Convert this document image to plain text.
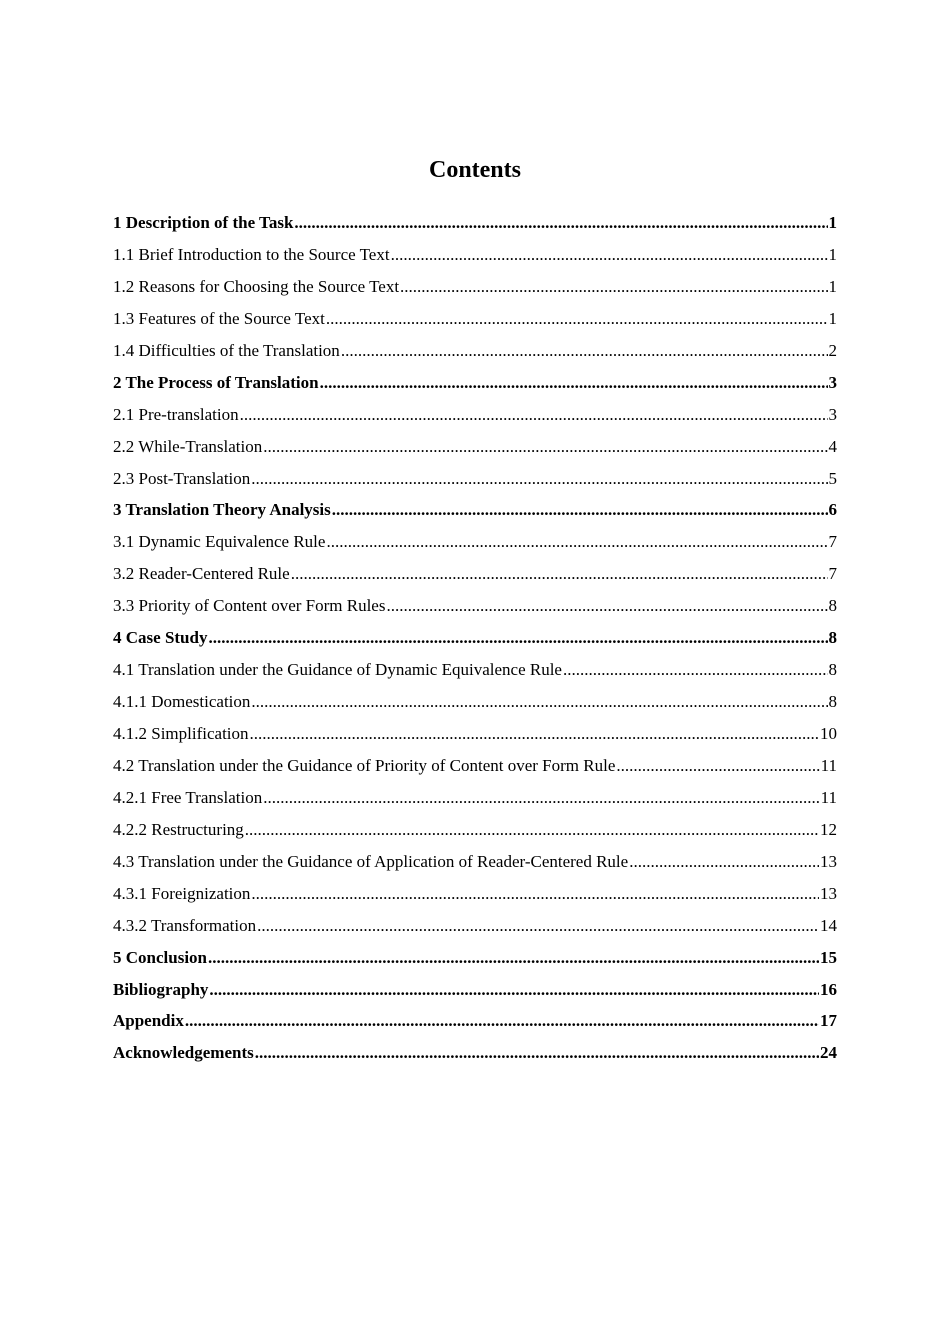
Contents
1 Description of the Task .....	1
1.1 Brief Introduction to the Source Text .....	1
1.2 Reasons for Choosing the Source Text .....	1
1.3 Features of the Source Text .....	1
1.4 Difficulties of the Translation .....	2
2 The Process of Translation .....	3
2.1 Pre-translation .....	3
2.2 While-Translation .....	4
2.3 Post-Translation .....	5
3 Translation Theory Analysis .....	6
3.1 Dynamic Equivalence Rule .....	7
3.2 Reader-Centered Rule .....	7
3.3 Priority of Content over Form Rules .....	8
4 Case Study .....	8
4.1 Translation under the Guidance of Dynamic Equivalence Rule .....	8
4.1.1 Domestication .....	8
4.1.2 Simplification .....	10
4.2 Translation under the Guidance of Priority of Content over Form Rule .....	11
4.2.1 Free Translation .....	11
4.2.2 Restructuring .....	12
4.3 Translation under the Guidance of Application of Reader-Centered Rule .....	13
4.3.1 Foreignization .....	13
4.3.2 Transformation .....	14
5 Conclusion .....	15
Bibliography .....	16
Appendix .....	17
Acknowledgements .....	24
